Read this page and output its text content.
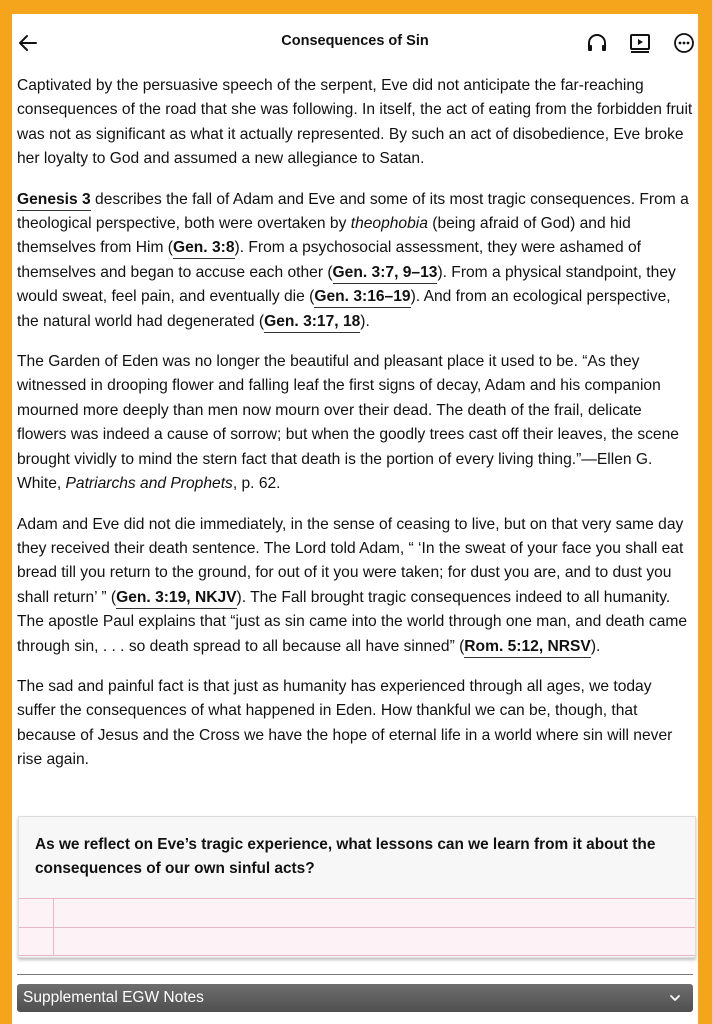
Consequences of Sin

Captivated by the persuasive speech of the serpent, Eve did not anticipate the far-reaching consequences of the road that she was following. In itself, the act of eating from the forbidden fruit was not as significant as what it actually represented. By such an act of disobedience, Eve broke her loyalty to God and assumed a new allegiance to Satan.

Genesis 3 describes the fall of Adam and Eve and some of its most tragic consequences. From a theological perspective, both were overtaken by theophobia (being afraid of God) and hid themselves from Him (Gen. 3:8). From a psychosocial assessment, they were ashamed of themselves and began to accuse each other (Gen. 3:7, 9–13). From a physical standpoint, they would sweat, feel pain, and eventually die (Gen. 3:16–19). And from an ecological perspective, the natural world had degenerated (Gen. 3:17, 18).

The Garden of Eden was no longer the beautiful and pleasant place it used to be. “As they witnessed in drooping flower and falling leaf the first signs of decay, Adam and his companion mourned more deeply than men now mourn over their dead. The death of the frail, delicate flowers was indeed a cause of sorrow; but when the goodly trees cast off their leaves, the scene brought vividly to mind the stern fact that death is the portion of every living thing.”—Ellen G. White, Patriarchs and Prophets, p. 62.

Adam and Eve did not die immediately, in the sense of ceasing to live, but on that very same day they received their death sentence. The Lord told Adam, “ ‘In the sweat of your face you shall eat bread till you return to the ground, for out of it you were taken; for dust you are, and to dust you shall return’ ” (Gen. 3:19, NKJV). The Fall brought tragic consequences indeed to all humanity. The apostle Paul explains that “just as sin came into the world through one man, and death came through sin, . . . so death spread to all because all have sinned” (Rom. 5:12, NRSV).

The sad and painful fact is that just as humanity has experienced through all ages, we today suffer the consequences of what happened in Eden. How thankful we can be, though, that because of Jesus and the Cross we have the hope of eternal life in a world where sin will never rise again.

As we reflect on Eve’s tragic experience, what lessons can we learn from it about the consequences of our own sinful acts?
Supplemental EGW Notes
